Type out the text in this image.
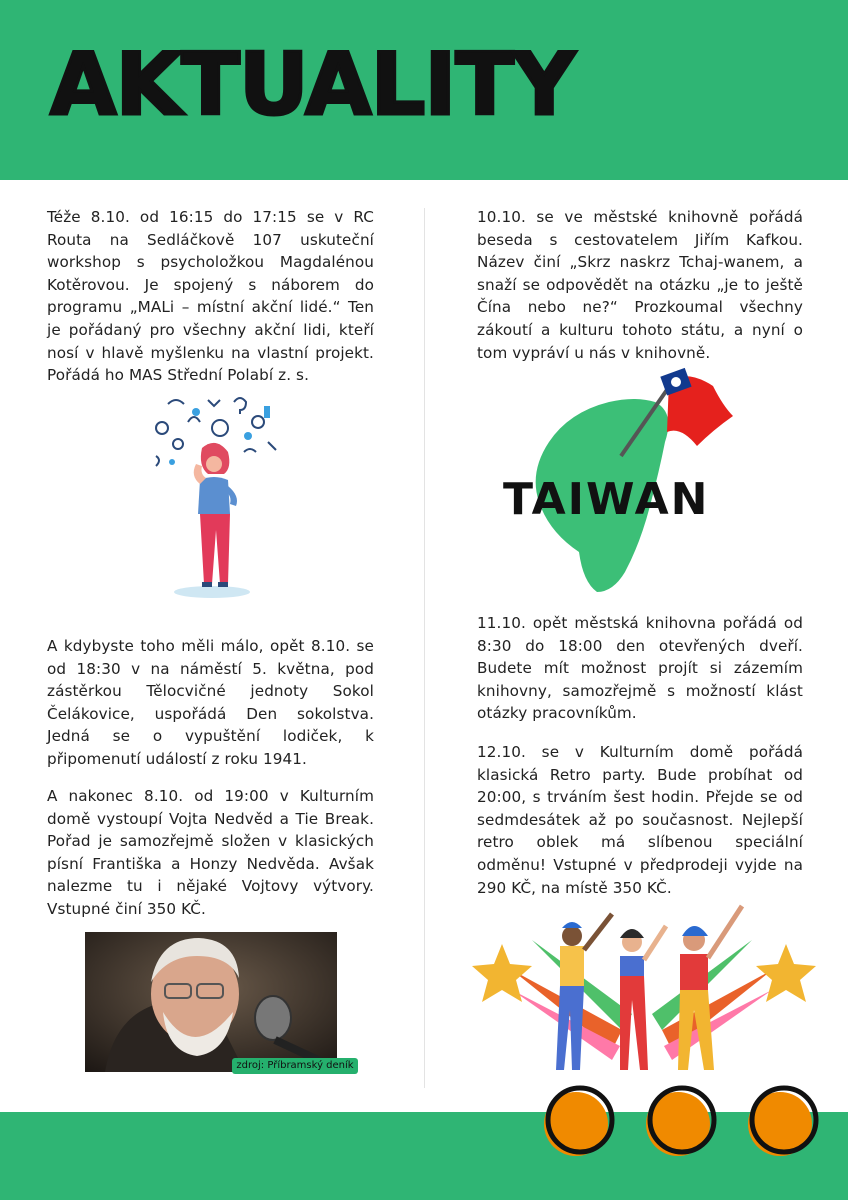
AKTUALITY

Téže 8.10. od 16:15 do 17:15 se v RC Routa na Sedláčkově 107 uskuteční workshop s psycholožkou Magdalénou Kotěrovou. Je spojený s náborem do programu „MALi – místní akční lidé.“ Ten je pořádaný pro všechny akční lidi, kteří nosí v hlavě myšlenku na vlastní projekt. Pořádá ho MAS Střední Polabí z. s.

A kdybyste toho měli málo, opět 8.10. se od 18:30 v na náměstí 5. května, pod zástěrkou Tělocvičné jednoty Sokol Čelákovice, uspořádá Den sokolstva. Jedná se o vypuštění lodiček, k připomenutí událostí z roku 1941.

A nakonec 8.10. od 19:00 v Kulturním domě vystoupí Vojta Nedvěd a Tie Break. Pořad je samozřejmě složen v klasických písní Františka a Honzy Nedvěda. Avšak nalezme tu i nějaké Vojtovy výtvory. Vstupné činí 350 KČ.

zdroj: Příbramský deník

10.10. se ve městské knihovně pořádá beseda s cestovatelem Jiřím Kafkou. Název činí „Skrz naskrz Tchaj-wanem, a snaží se odpovědět na otázku „je to ještě Čína nebo ne?“ Prozkoumal všechny zákoutí a kulturu tohoto státu, a nyní o tom vypráví u nás v knihovně.

TAIWAN

11.10. opět městská knihovna pořádá od 8:30 do 18:00 den otevřených dveří. Budete mít možnost projít si zázemím knihovny, samozřejmě s možností klást otázky pracovníkům.

12.10. se v Kulturním domě pořádá klasická Retro party. Bude probíhat od 20:00, s trváním šest hodin. Přejde se od sedmdesátek až po současnost. Nejlepší retro oblek má slíbenou speciální odměnu! Vstupné v předprodeji vyjde na 290 KČ, na místě 350 KČ.
